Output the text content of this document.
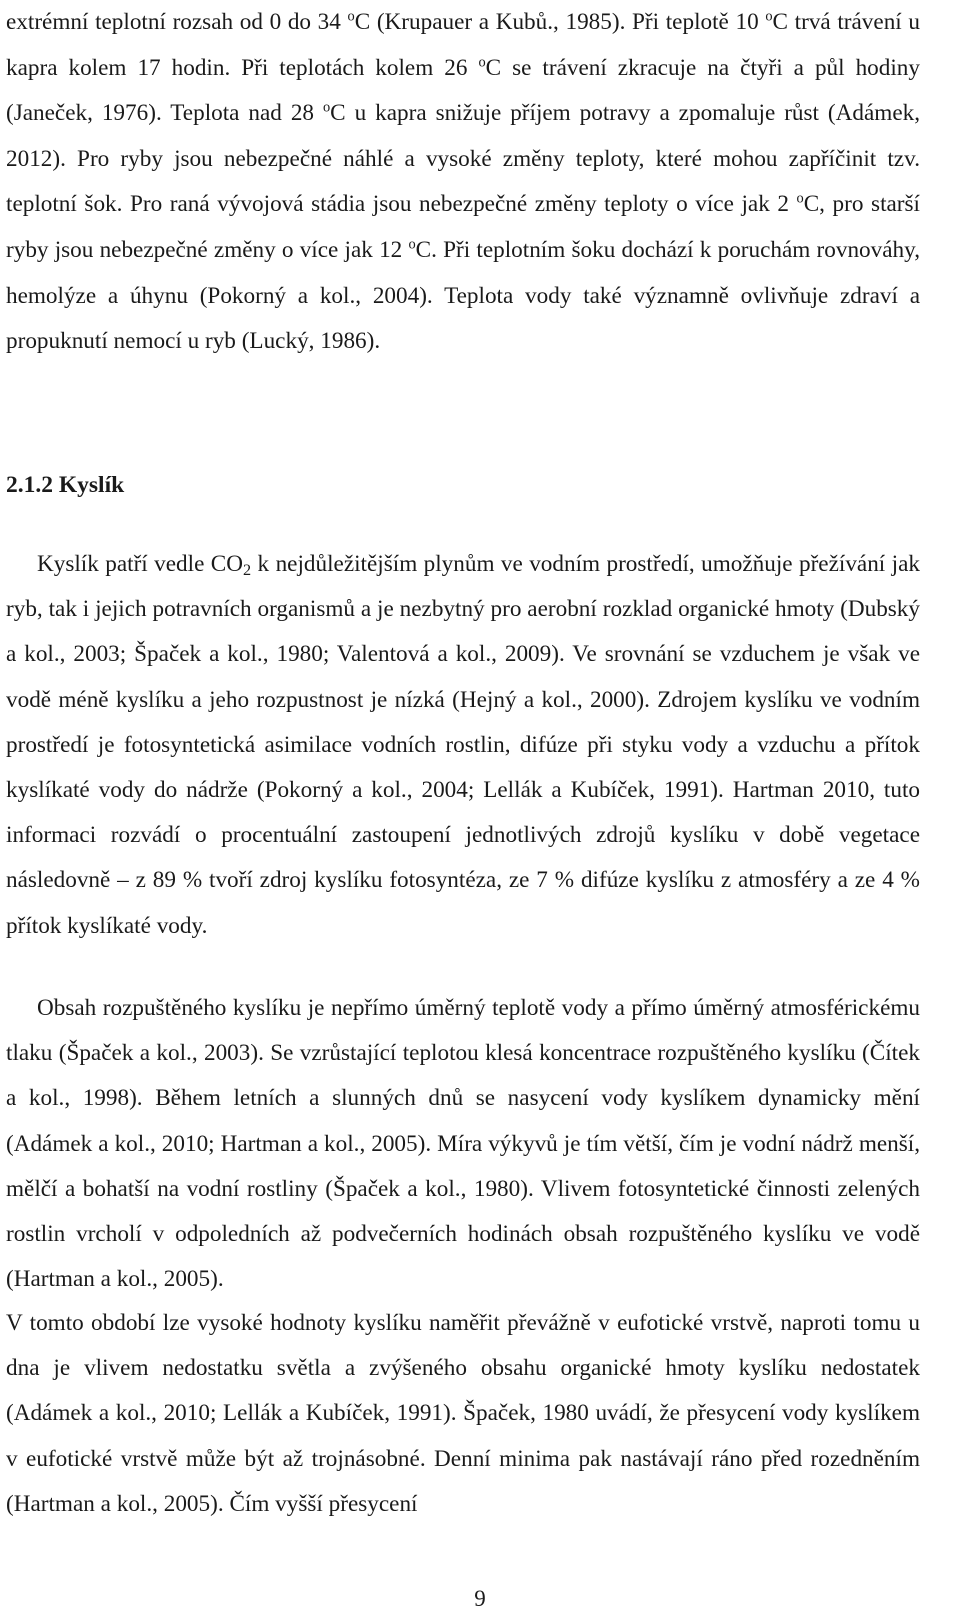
extrémní teplotní rozsah od 0 do 34 $^o$C (Krupauer a Kubů., 1985). Při teplotě 10 $^o$C trvá trávení u kapra kolem 17 hodin. Při teplotách kolem 26 $^o$C se trávení zkracuje na čtyři a půl hodiny (Janeček, 1976). Teplota nad 28 $^o$C u kapra snižuje příjem potravy a zpomaluje růst (Adámek, 2012). Pro ryby jsou nebezpečné náhlé a vysoké změny teploty, které mohou zapříčinit tzv. teplotní šok. Pro raná vývojová stádia jsou nebezpečné změny teploty o více jak 2 $^o$C, pro starší ryby jsou nebezpečné změny o více jak 12 $^o$C. Při teplotním šoku dochází k poruchám rovnováhy, hemolýze a úhynu (Pokorný a kol., 2004). Teplota vody také významně ovlivňuje zdraví a propuknutí nemocí u ryb (Lucký, 1986).

2.1.2 Kyslík

Kyslík patří vedle $CO_2$ k nejdůležitějším plynům ve vodním prostředí, umožňuje přežívání jak ryb, tak i jejich potravních organismů a je nezbytný pro aerobní rozklad organické hmoty (Dubský a kol., 2003; Špaček a kol., 1980; Valentová a kol., 2009). Ve srovnání se vzduchem je však ve vodě méně kyslíku a jeho rozpustnost je nízká (Hejný a kol., 2000). Zdrojem kyslíku ve vodním prostředí je fotosyntetická asimilace vodních rostlin, difúze při styku vody a vzduchu a přítok kyslíkaté vody do nádrže (Pokorný a kol., 2004; Lellák a Kubíček, 1991). Hartman 2010, tuto informaci rozvádí o procentuální zastoupení jednotlivých zdrojů kyslíku v době vegetace následovně – z 89 % tvoří zdroj kyslíku fotosyntéza, ze 7 % difúze kyslíku z atmosféry a ze 4 % přítok kyslíkaté vody.

Obsah rozpuštěného kyslíku je nepřímo úměrný teplotě vody a přímo úměrný atmosférickému tlaku (Špaček a kol., 2003). Se vzrůstající teplotou klesá koncentrace rozpuštěného kyslíku (Čítek a kol., 1998). Během letních a slunných dnů se nasycení vody kyslíkem dynamicky mění (Adámek a kol., 2010; Hartman a kol., 2005). Míra výkyvů je tím větší, čím je vodní nádrž menší, mělčí a bohatší na vodní rostliny (Špaček a kol., 1980). Vlivem fotosyntetické činnosti zelených rostlin vrcholí v odpoledních až podvečerních hodinách obsah rozpuštěného kyslíku ve vodě (Hartman a kol., 2005).

V tomto období lze vysoké hodnoty kyslíku naměřit převážně v eufotické vrstvě, naproti tomu u dna je vlivem nedostatku světla a zvýšeného obsahu organické hmoty kyslíku nedostatek (Adámek a kol., 2010; Lellák a Kubíček, 1991). Špaček, 1980 uvádí, že přesycení vody kyslíkem v eufotické vrstvě může být až trojnásobné. Denní minima pak nastávají ráno před rozedněním (Hartman a kol., 2005). Čím vyšší přesycení

9
